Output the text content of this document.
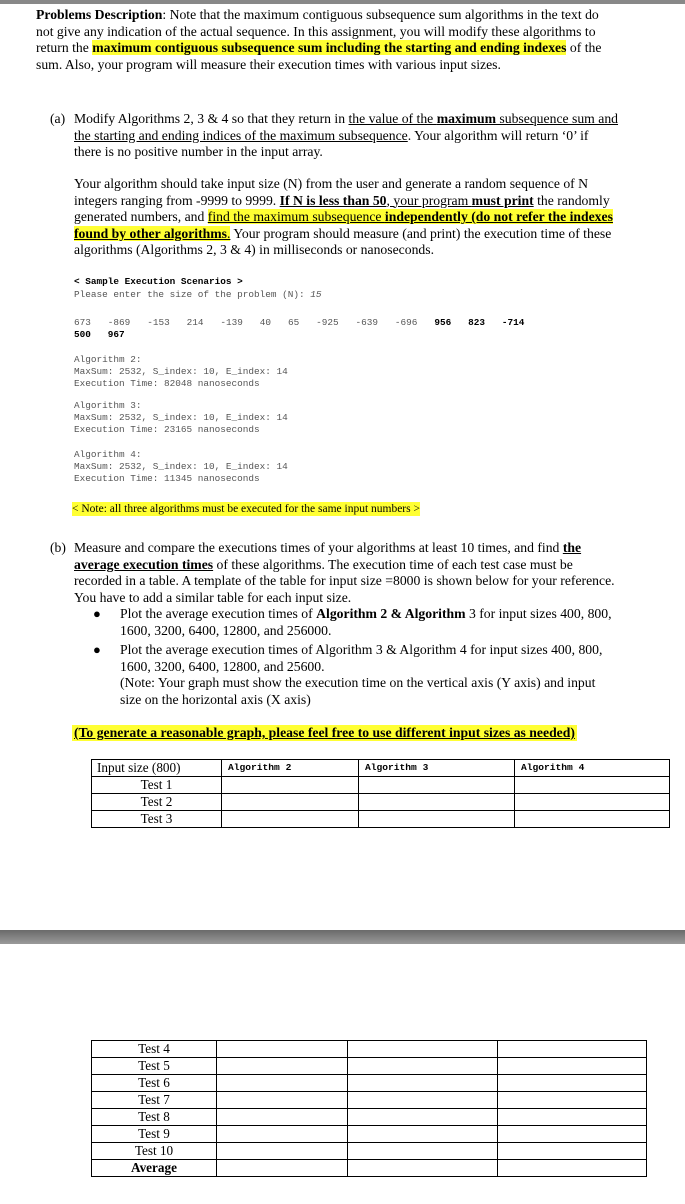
Problems Description: Note that the maximum contiguous subsequence sum algorithms in the text do not give any indication of the actual sequence. In this assignment, you will modify these algorithms to return the maximum contiguous subsequence sum including the starting and ending indexes of the sum. Also, your program will measure their execution times with various input sizes.

(a) Modify Algorithms 2, 3 & 4 so that they return in the value of the maximum subsequence sum and the starting and ending indices of the maximum subsequence. Your algorithm will return ‘0’ if there is no positive number in the input array.

Your algorithm should take input size (N) from the user and generate a random sequence of N integers ranging from -9999 to 9999. If N is less than 50, your program must print the randomly generated numbers, and find the maximum subsequence independently (do not refer the indexes found by other algorithms. Your program should measure (and print) the execution time of these algorithms (Algorithms 2, 3 & 4) in milliseconds or nanoseconds.

< Sample Execution Scenarios >
Please enter the size of the problem (N): 15
673 -869 -153 214 -139 40 65 -925 -639 -696 956 823 -714
500 967
Algorithm 2:
MaxSum: 2532, S_index: 10, E_index: 14
Execution Time: 82048 nanoseconds
Algorithm 3:
MaxSum: 2532, S_index: 10, E_index: 14
Execution Time: 23165 nanoseconds
Algorithm 4:
MaxSum: 2532, S_index: 10, E_index: 14
Execution Time: 11345 nanoseconds
< Note: all three algorithms must be executed for the same input numbers >
(b) Measure and compare the executions times of your algorithms at least 10 times, and find the average execution times of these algorithms. The execution time of each test case must be recorded in a table. A template of the table for input size =8000 is shown below for your reference. You have to add a similar table for each input size.

● Plot the average execution times of Algorithm 2 & Algorithm 3 for input sizes 400, 800, 1600, 3200, 6400, 12800, and 256000.

● Plot the average execution times of Algorithm 3 & Algorithm 4 for input sizes 400, 800, 1600, 3200, 6400, 12800, and 25600.
(Note: Your graph must show the execution time on the vertical axis (Y axis) and input size on the horizontal axis (X axis)

(To generate a reasonable graph, please feel free to use different input sizes as needed)
Input size (800)	Algorithm 2	Algorithm 3	Algorithm 4
Test 1			
Test 2			
Test 3			
Test 4			
Test 5			
Test 6			
Test 7			
Test 8			
Test 9			
Test 10			
Average			
